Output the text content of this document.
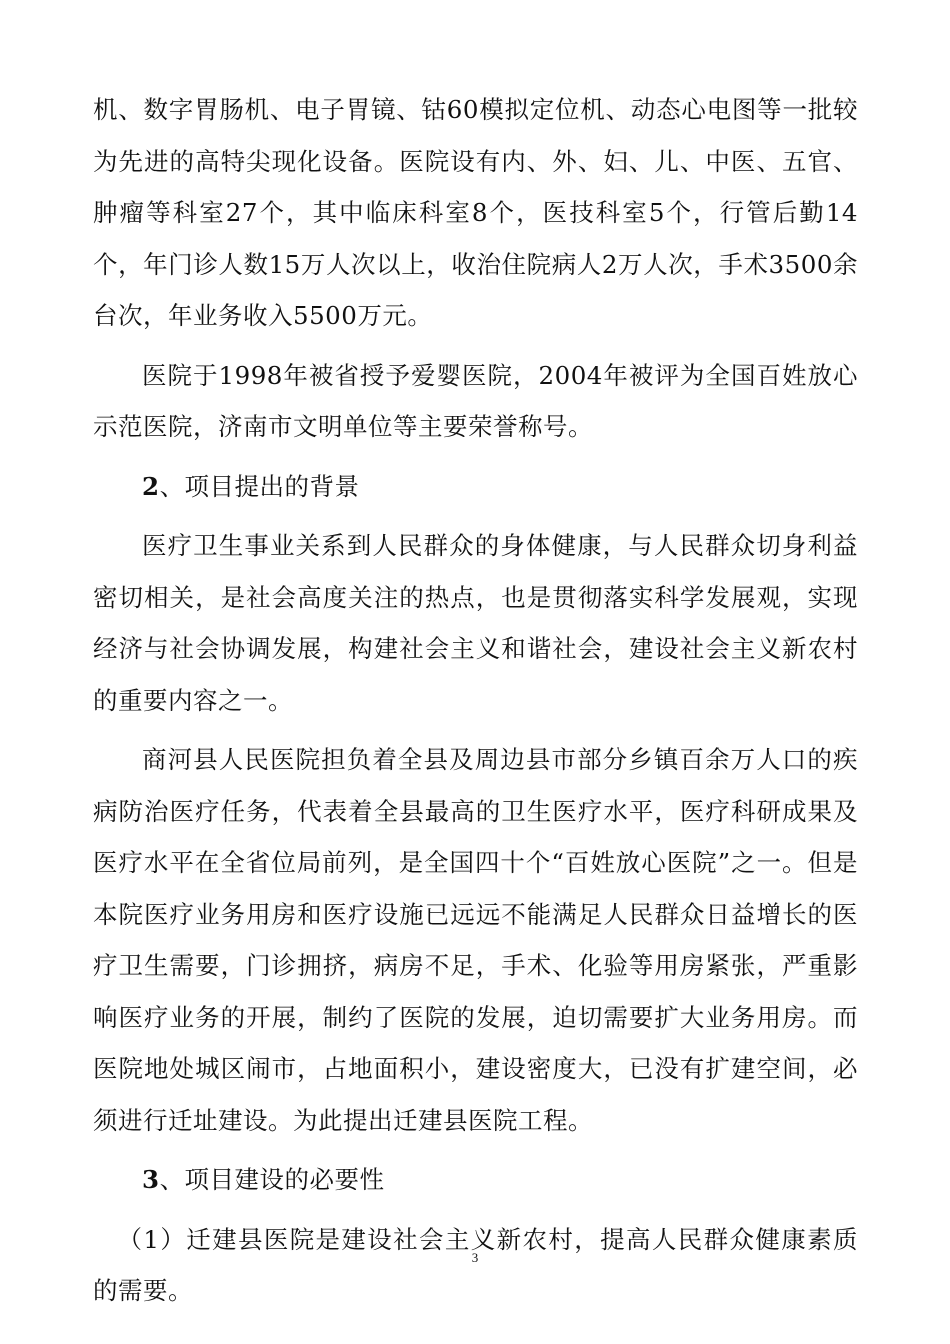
机、数字胃肠机、电子胃镜、钴60模拟定位机、动态心电图等一批较为先进的高特尖现化设备。医院设有内、外、妇、儿、中医、五官、肿瘤等科室27个，其中临床科室8个，医技科室5个，行管后勤14个，年门诊人数15万人次以上，收治住院病人2万人次，手术3500余台次，年业务收入5500万元。

医院于1998年被省授予爱婴医院，2004年被评为全国百姓放心示范医院，济南市文明单位等主要荣誉称号。

2、项目提出的背景

医疗卫生事业关系到人民群众的身体健康，与人民群众切身利益密切相关，是社会高度关注的热点，也是贯彻落实科学发展观，实现经济与社会协调发展，构建社会主义和谐社会，建设社会主义新农村的重要内容之一。

商河县人民医院担负着全县及周边县市部分乡镇百余万人口的疾病防治医疗任务，代表着全县最高的卫生医疗水平，医疗科研成果及医疗水平在全省位局前列，是全国四十个“百姓放心医院”之一。但是本院医疗业务用房和医疗设施已远远不能满足人民群众日益增长的医疗卫生需要，门诊拥挤，病房不足，手术、化验等用房紧张，严重影响医疗业务的开展，制约了医院的发展，迫切需要扩大业务用房。而医院地处城区闹市，占地面积小，建设密度大，已没有扩建空间，必须进行迁址建设。为此提出迁建县医院工程。

3、项目建设的必要性

（1）迁建县医院是建设社会主义新农村，提高人民群众健康素质的需要。

3
